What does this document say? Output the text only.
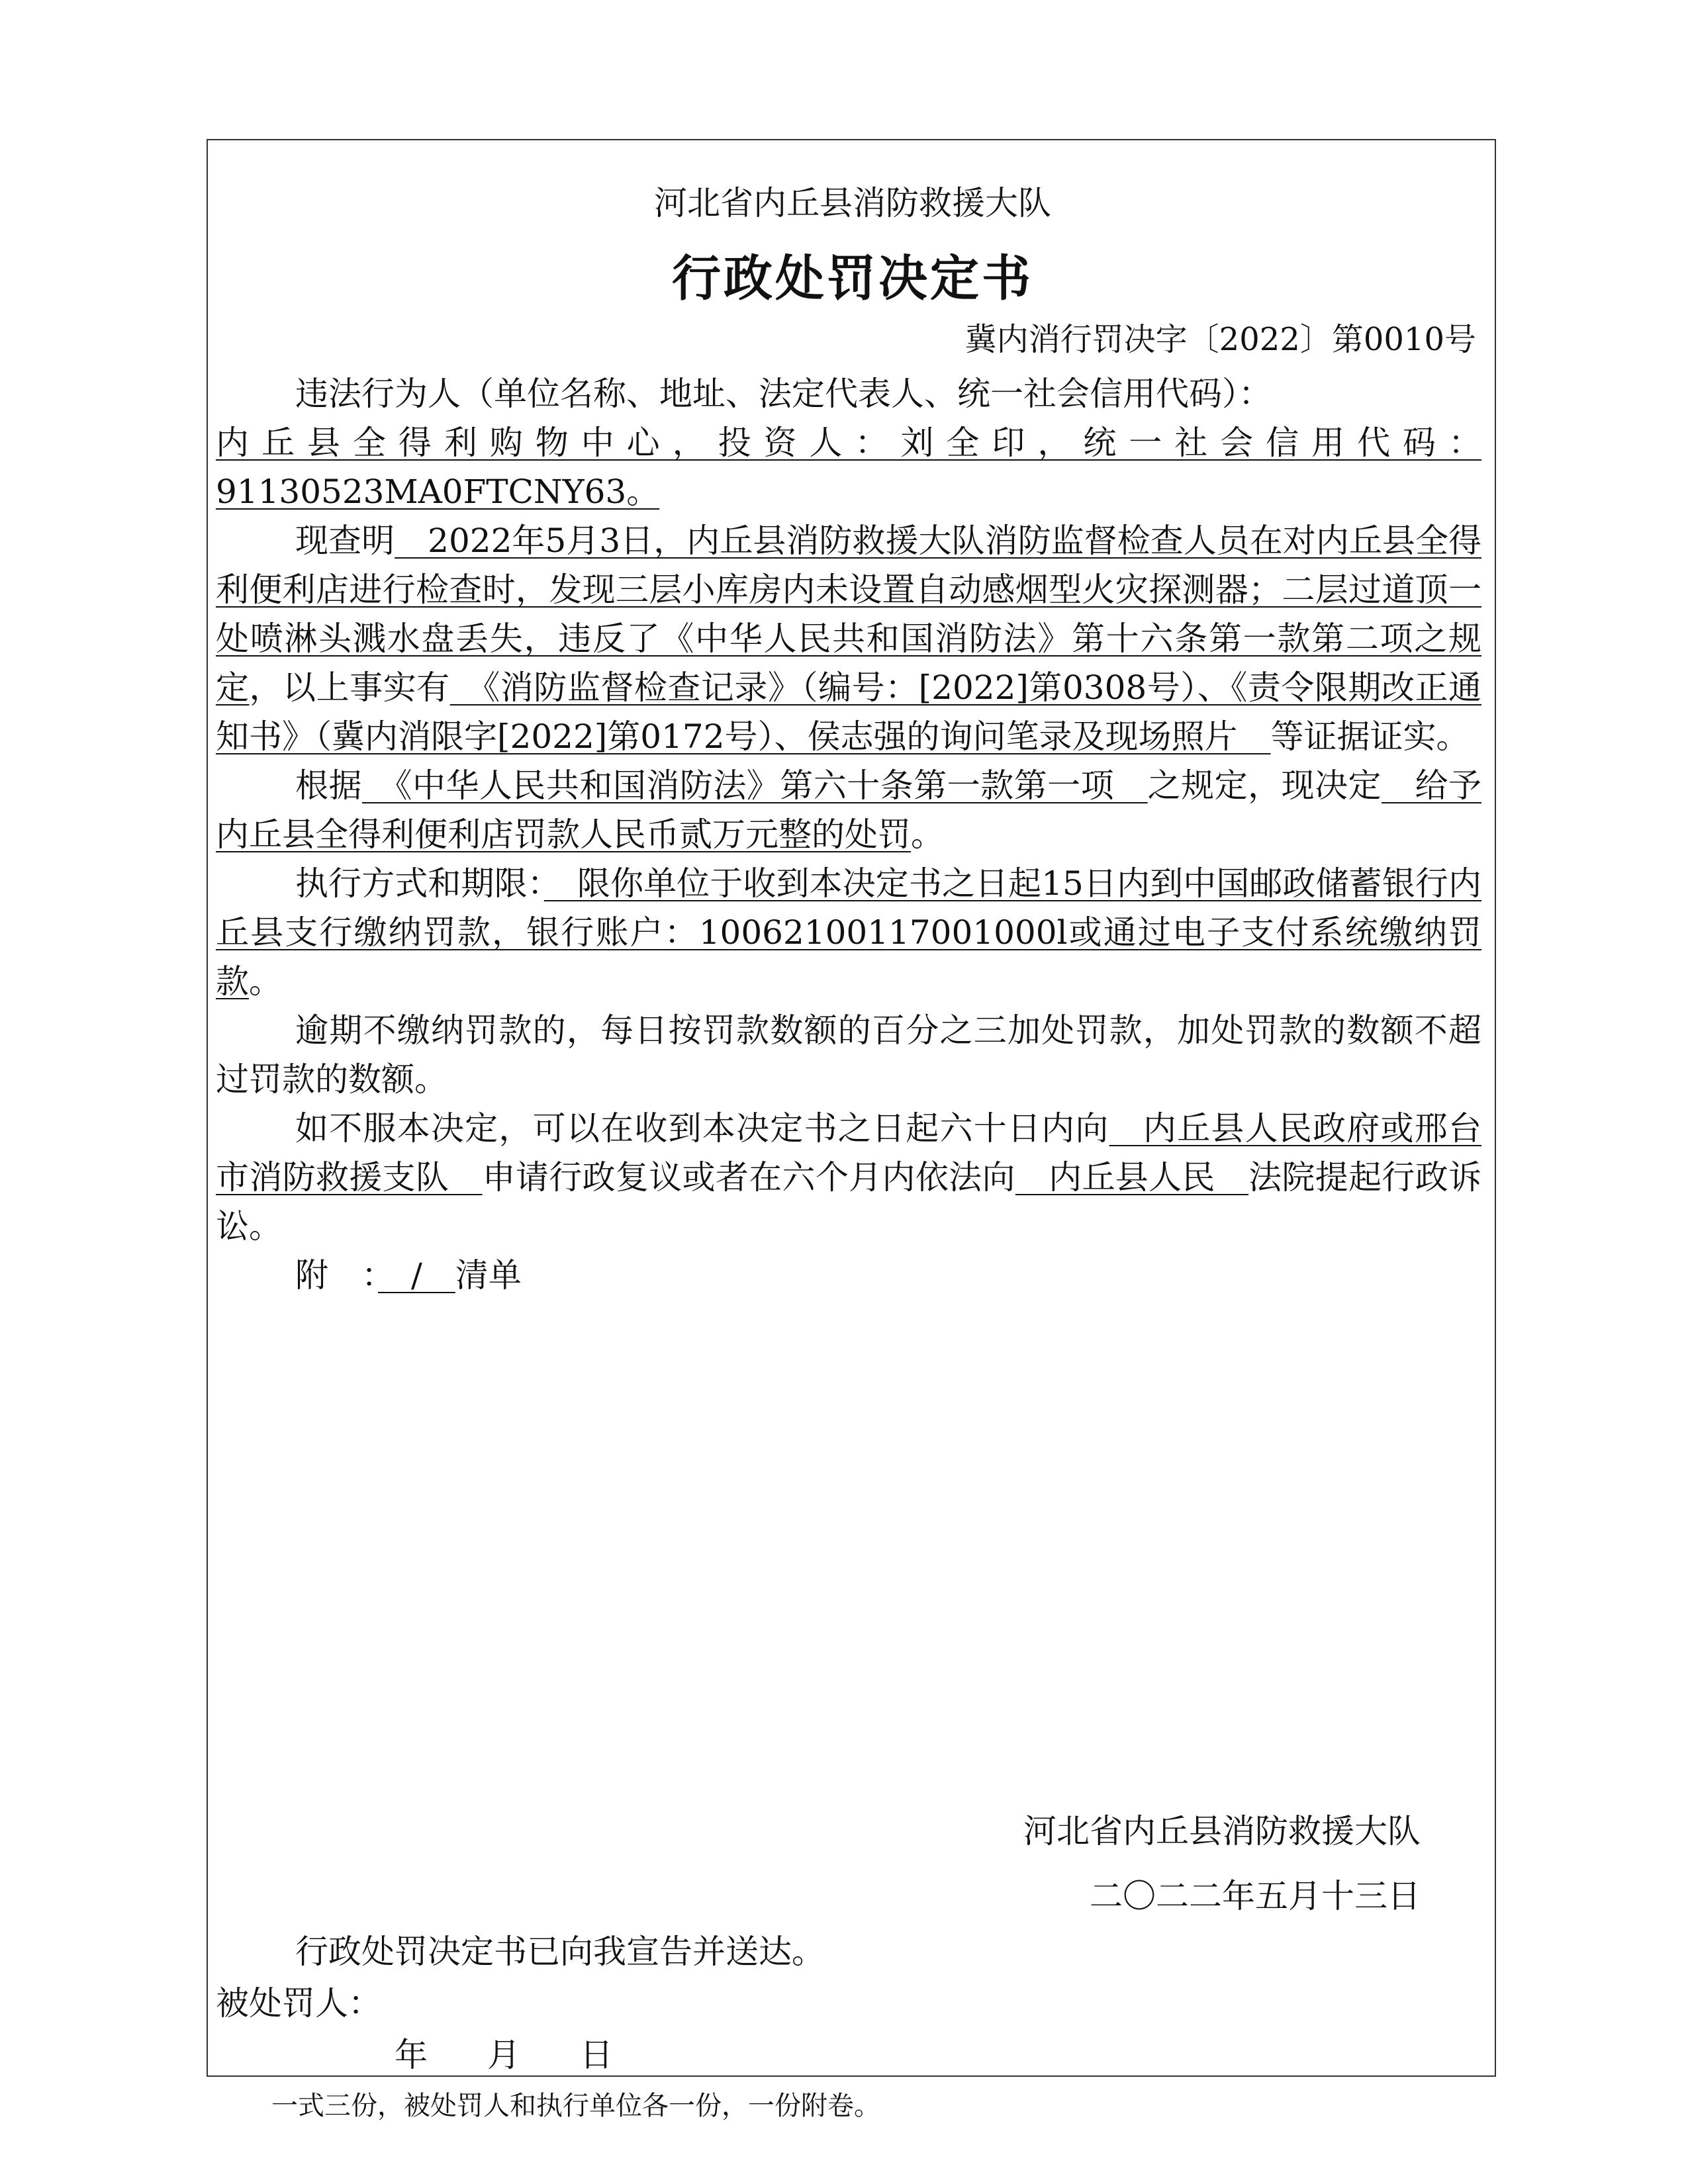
河北省内丘县消防救援大队
行政处罚决定书
冀内消行罚决字〔2022〕第0010号

违法行为人（单位名称、地址、法定代表人、统一社会信用代码）：

内丘县全得利购物中心，投资人：刘全印，统一社会信用代码：91130523MA0FTCNY63。

现查明　2022年5月3日，内丘县消防救援大队消防监督检查人员在对内丘县全得利便利店进行检查时，发现三层小库房内未设置自动感烟型火灾探测器；二层过道顶一处喷淋头溅水盘丢失，违反了《中华人民共和国消防法》第十六条第一款第二项之规定，以上事实有　《消防监督检查记录》（编号：[2022]第0308号）、《责令限期改正通知书》（冀内消限字[2022]第0172号）、侯志强的询问笔录及现场照片　等证据证实。

根据　《中华人民共和国消防法》第六十条第一款第一项　之规定，现决定　给予内丘县全得利便利店罚款人民币贰万元整的处罚。

执行方式和期限：　限你单位于收到本决定书之日起15日内到中国邮政储蓄银行内丘县支行缴纳罚款，银行账户：10062100117001000l或通过电子支付系统缴纳罚款。

逾期不缴纳罚款的，每日按罚款数额的百分之三加处罚款，加处罚款的数额不超过罚款的数额。

如不服本决定，可以在收到本决定书之日起六十日内向　内丘县人民政府或邢台市消防救援支队　申请行政复议或者在六个月内依法向　内丘县人民　法院提起行政诉讼。

附　：　/　清单

河北省内丘县消防救援大队
二〇二二年五月十三日
行政处罚决定书已向我宣告并送达。
被处罚人：
年 月 日
一式三份，被处罚人和执行单位各一份，一份附卷。
